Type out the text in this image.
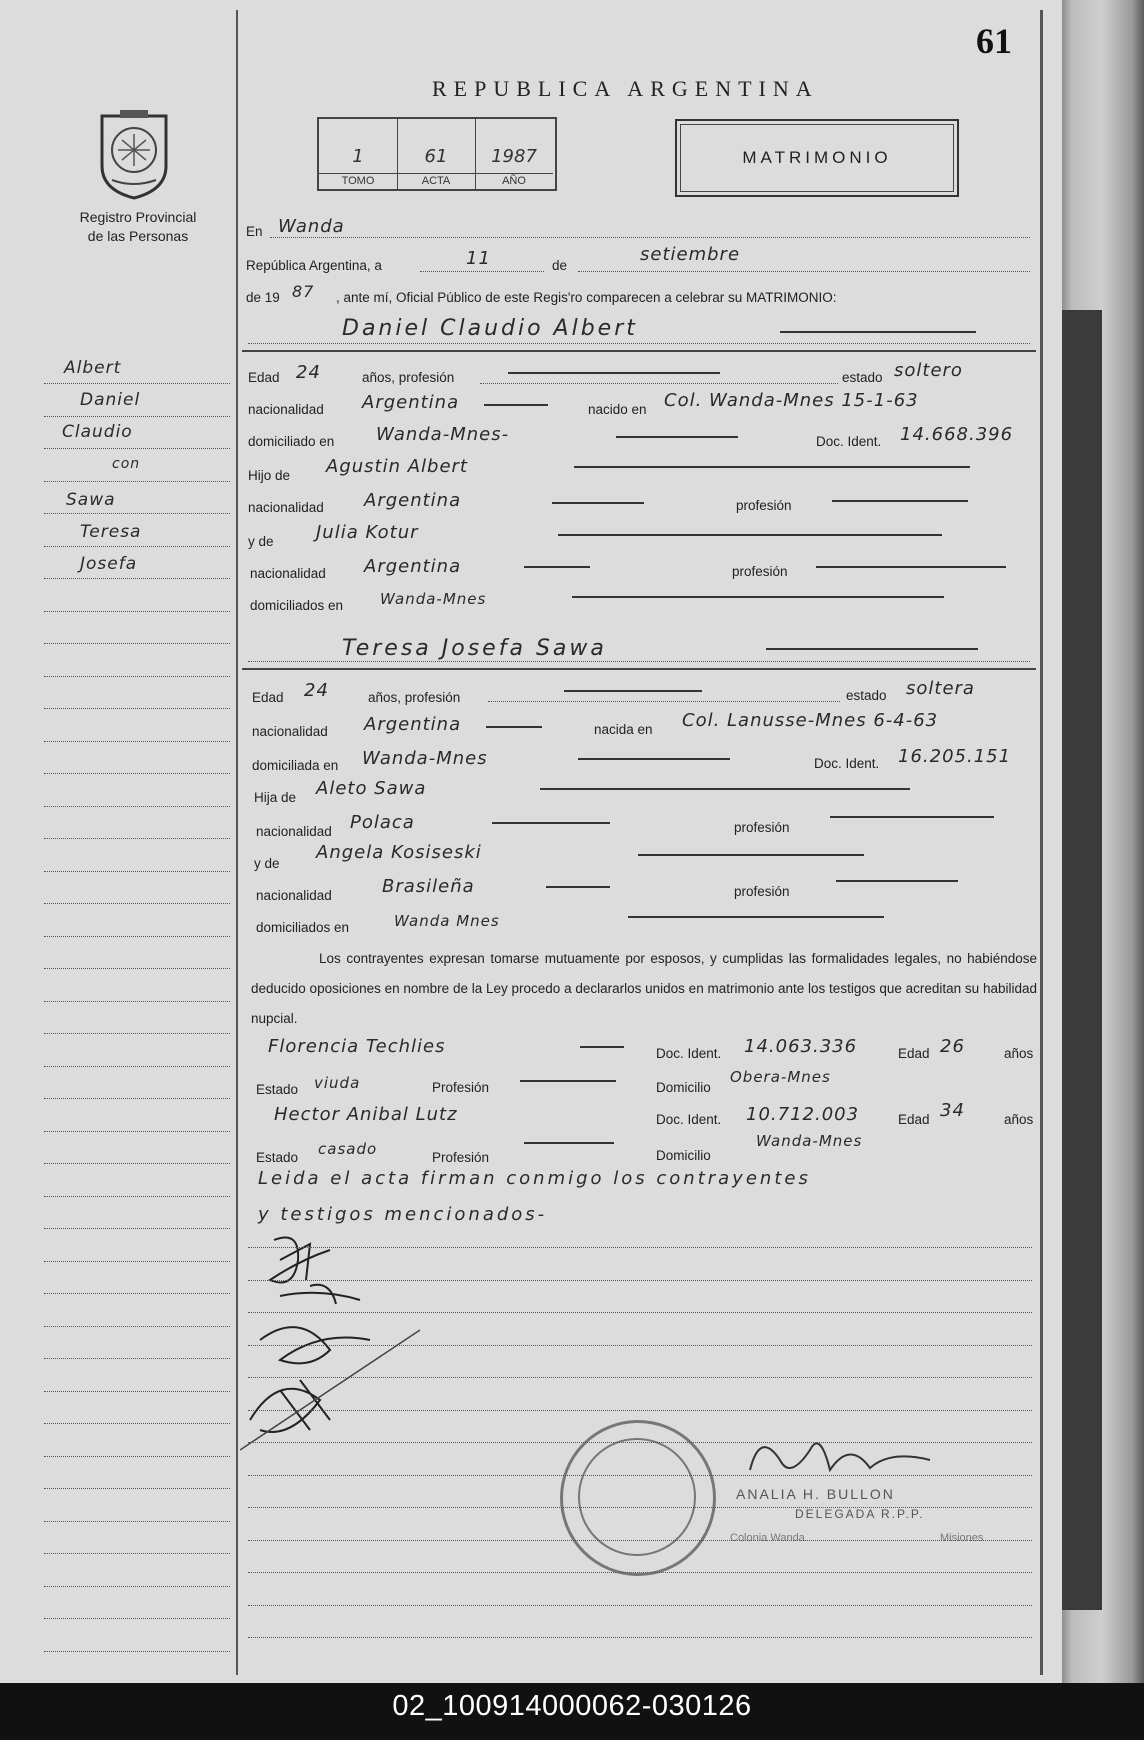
61
REPUBLICA ARGENTINA
1
TOMO
61
ACTA
1987
AÑO
MATRIMONIO
Registro Provincial
de las Personas	En Wanda
República Argentina, a	11	de
setiembre
de 19 87 , ante mí, Oficial Público de este Regis'ro comparecen a celebrar su MATRIMONIO:
Daniel Claudio Albert
Edad 24	años, profesión	estado soltero
nacionalidad Argentina	nacido en Col. Wanda-Mnes 15-1-63
domiciliado en Wanda-Mnes-	Doc. Ident. 14.668.396
Hijo de Agustin Albert
nacionalidad Argentina	profesión
y de Julia Kotur
nacionalidad Argentina	profesión
domiciliados en Wanda-Mnes
Teresa Josefa Sawa
Edad 24	años, profesión	estado soltera
nacionalidad Argentina	nacida en Col. Lanusse-Mnes 6-4-63
domiciliada en Wanda-Mnes	Doc. Ident. 16.205.151
Hija de Aleto Sawa
nacionalidad Polaca	profesión
y de
Angela Kosiseski
nacionalidad	Brasileña	profesión
domiciliados en	Wanda Mnes
Los contrayentes expresan tomarse mutuamente por esposos, y cumplidas las formalidades legales, no habiéndose deducido oposiciones en nombre de la Ley procedo a declararlos unidos en matrimonio ante los testigos que acreditan su habilidad nupcial.
Florencia Techlies	Doc. Ident. 14.063.336	Edad 26	años
Estado viuda	Profesión	Domicilio
Obera-Mnes
Hector Anibal Lutz	Doc. Ident. 10.712.003	Edad 34	años
Estado casado	Profesión	Domicilio
Wanda-Mnes
Leida el acta firman conmigo los contrayentes
y testigos mencionados-
ANALIA H. BULLON
DELEGADA R.P.P.
Colonia Wanda	Misiones
Albert
Daniel
Claudio
con
Sawa
Teresa
Josefa
02_100914000062-030126
